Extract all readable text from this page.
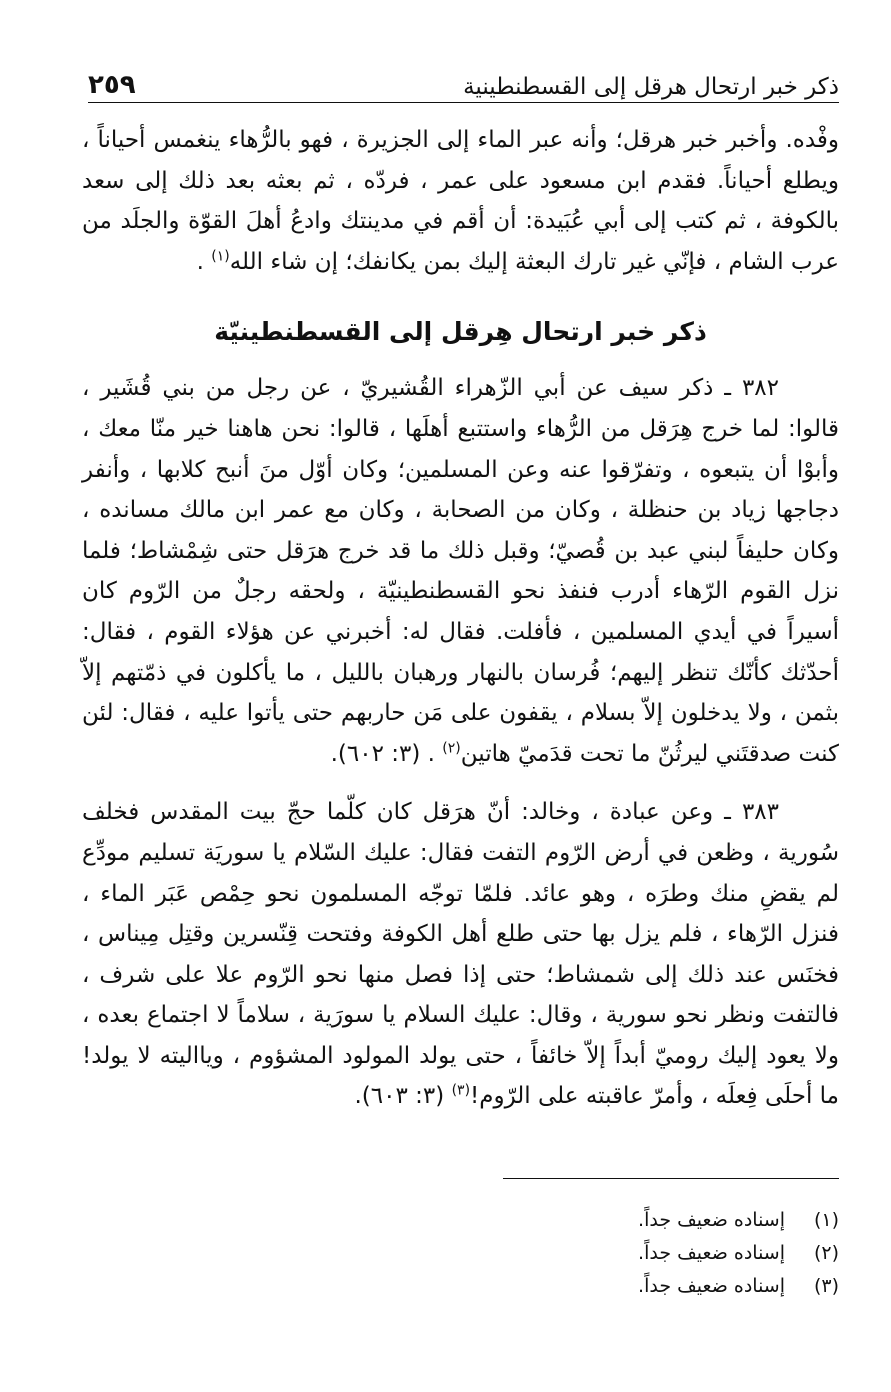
ذكر خبر ارتحال هرقل إلى القسطنطينية
٢٥٩

وفْده. وأخبر خبر هرقل؛ وأنه عبر الماء إلى الجزيرة ، فهو بالرُّهاء ينغمس أحياناً ، ويطلع أحياناً. فقدم ابن مسعود على عمر ، فردّه ، ثم بعثه بعد ذلك إلى سعد بالكوفة ، ثم كتب إلى أبي عُبَيدة: أن أقم في مدينتك وادعُ أهلَ القوّة والجلَد من عرب الشام ، فإنّي غير تارك البعثة إليك بمن يكانفك؛ إن شاء الله$^{(١)}$ .

ذكر خبر ارتحال هِرقل إلى القسطنطينيّة

٣٨٢ ـ ذكر سيف عن أبي الزّهراء القُشيريّ ، عن رجل من بني قُشَير ، قالوا: لما خرج هِرَقل من الرُّهاء واستتبع أهلَها ، قالوا: نحن هاهنا خير منّا معك ، وأبوْا أن يتبعوه ، وتفرّقوا عنه وعن المسلمين؛ وكان أوّل منَ أنبح كلابها ، وأنفر دجاجها زياد بن حنظلة ، وكان من الصحابة ، وكان مع عمر ابن مالك مسانده ، وكان حليفاً لبني عبد بن قُصيّ؛ وقبل ذلك ما قد خرج هرَقل حتى شِمْشاط؛ فلما نزل القوم الرّهاء أدرب فنفذ نحو القسطنطينيّة ، ولحقه رجلٌ من الرّوم كان أسيراً في أيدي المسلمين ، فأفلت. فقال له: أخبرني عن هؤلاء القوم ، فقال: أحدّثك كأنّك تنظر إليهم؛ فُرسان بالنهار ورهبان بالليل ، ما يأكلون في ذمّتهم إلاّ بثمن ، ولا يدخلون إلاّ بسلام ، يقفون على مَن حاربهم حتى يأتوا عليه ، فقال: لئن كنت صدقتَني ليرثُنّ ما تحت قدَميّ هاتين$^{(٢)}$ . (٣: ٦٠٢).

٣٨٣ ـ وعن عبادة ، وخالد: أنّ هرَقل كان كلّما حجّ بيت المقدس فخلف سُورية ، وظعن في أرض الرّوم التفت فقال: عليك السّلام يا سوريَة تسليم مودِّع لم يقضِ منك وطرَه ، وهو عائد. فلمّا توجّه المسلمون نحو حِمْص عَبَر الماء ، فنزل الرّهاء ، فلم يزل بها حتى طلع أهل الكوفة وفتحت قِنّسرين وقتِل مِيناس ، فخنَس عند ذلك إلى شمشاط؛ حتى إذا فصل منها نحو الرّوم علا على شرف ، فالتفت ونظر نحو سورية ، وقال: عليك السلام يا سورَية ، سلاماً لا اجتماع بعده ، ولا يعود إليك روميّ أبداً إلاّ خائفاً ، حتى يولد المولود المشؤوم ، ويااليته لا يولد! ما أحلَى فِعلَه ، وأمرّ عاقبته على الرّوم!$^{(٣)}$ (٣: ٦٠٣).

(١)
إسناده ضعيف جداً.
(٢)
إسناده ضعيف جداً.
(٣)
إسناده ضعيف جداً.
